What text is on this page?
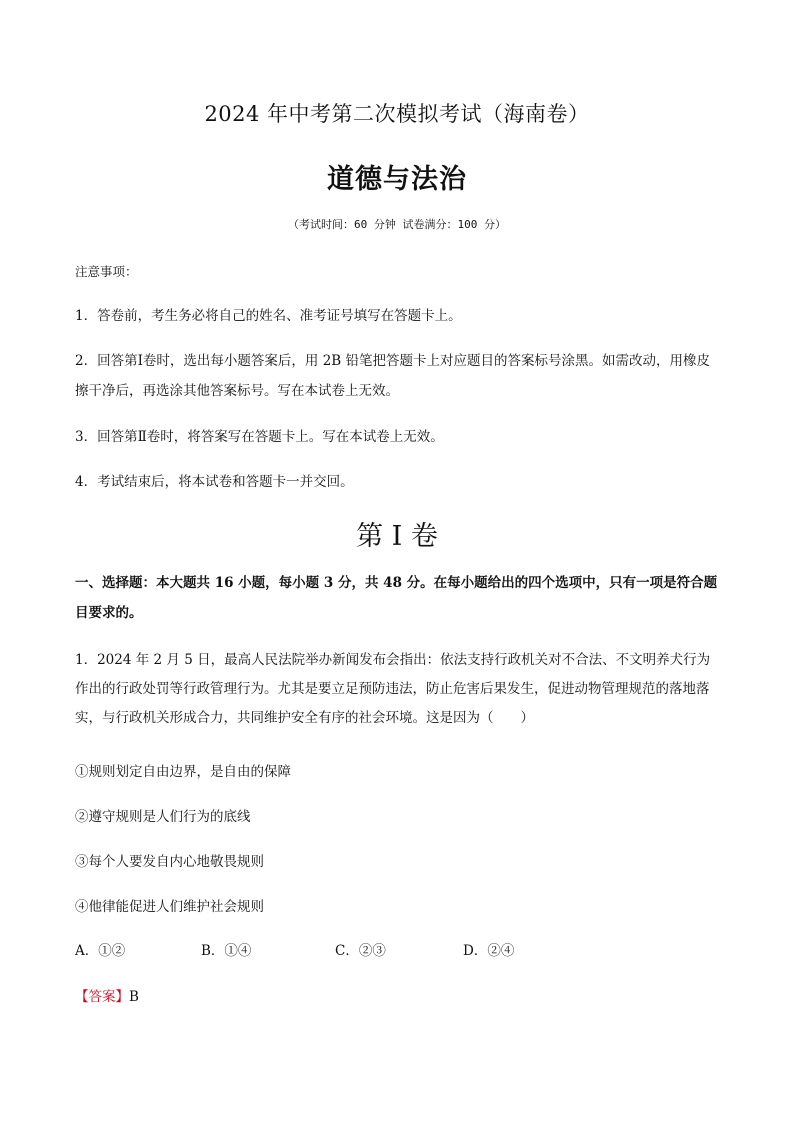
2024 年中考第二次模拟考试（海南卷）
道德与法治
（考试时间：60 分钟 试卷满分：100 分）
注意事项：
1．答卷前，考生务必将自己的姓名、准考证号填写在答题卡上。
2．回答第Ⅰ卷时，选出每小题答案后，用 2B 铅笔把答题卡上对应题目的答案标号涂黑。如需改动，用橡皮擦干净后，再选涂其他答案标号。写在本试卷上无效。
3．回答第Ⅱ卷时，将答案写在答题卡上。写在本试卷上无效。
4．考试结束后，将本试卷和答题卡一并交回。
第 I 卷
一、选择题：本大题共 16 小题，每小题 3 分，共 48 分。在每小题给出的四个选项中，只有一项是符合题目要求的。
1．2024 年 2 月 5 日，最高人民法院举办新闻发布会指出：依法支持行政机关对不合法、不文明养犬行为作出的行政处罚等行政管理行为。尤其是要立足预防违法，防止危害后果发生，促进动物管理规范的落地落实，与行政机关形成合力，共同维护安全有序的社会环境。这是因为（　　）
①规则划定自由边界，是自由的保障
②遵守规则是人们行为的底线
③每个人要发自内心地敬畏规则
④他律能促进人们维护社会规则
A．①②	B．①④	C．②③	D．②④
【答案】B
